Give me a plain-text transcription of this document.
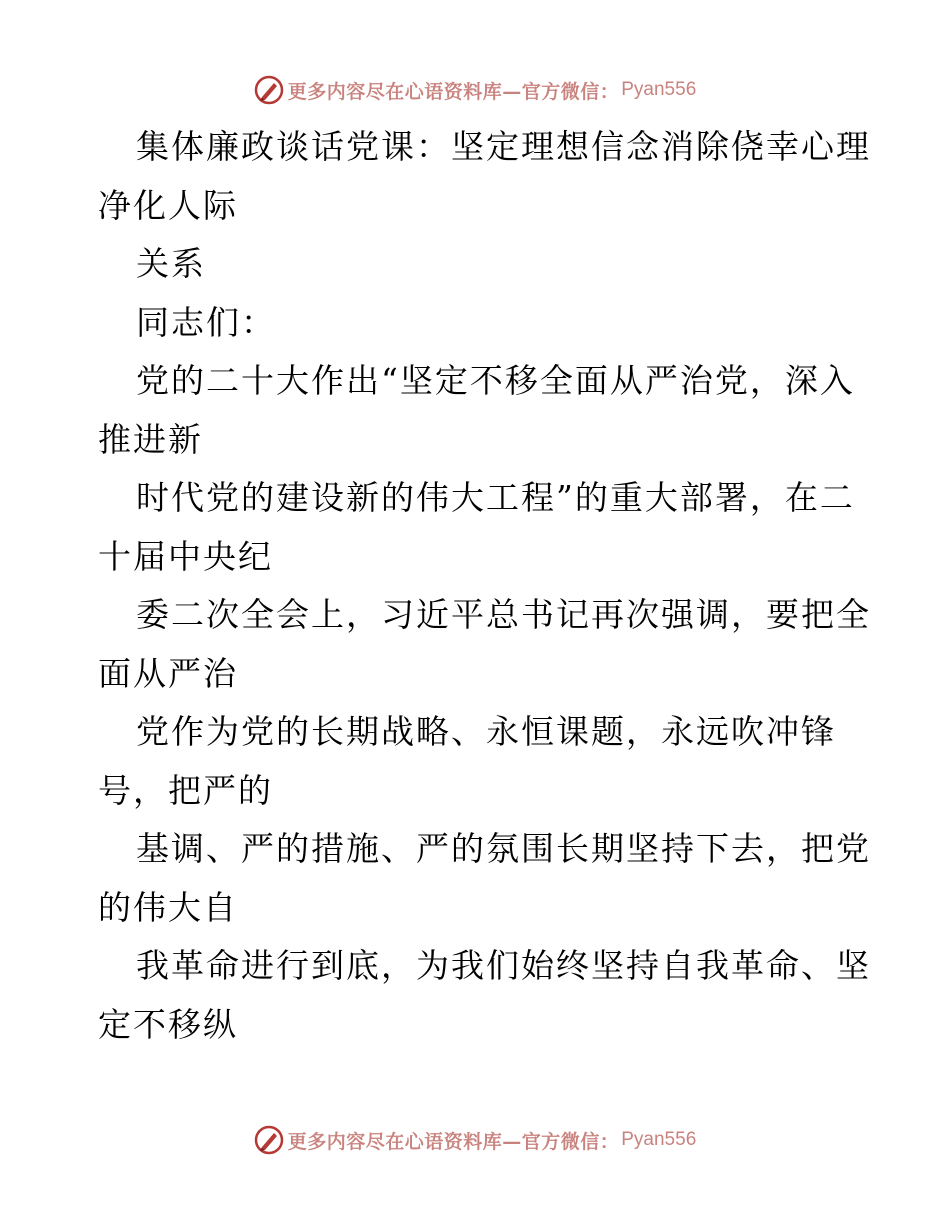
更多内容尽在心语资料库—官方微信： Pyan556
集体廉政谈话党课：坚定理想信念消除侥幸心理
净化人际
关系
同志们：
党的二十大作出“坚定不移全面从严治党，深入
推进新
时代党的建设新的伟大工程”的重大部署，在二
十届中央纪
委二次全会上，习近平总书记再次强调，要把全
面从严治
党作为党的长期战略、永恒课题，永远吹冲锋
号，把严的
基调、严的措施、严的氛围长期坚持下去，把党
的伟大自
我革命进行到底，为我们始终坚持自我革命、坚
定不移纵
更多内容尽在心语资料库—官方微信： Pyan556
